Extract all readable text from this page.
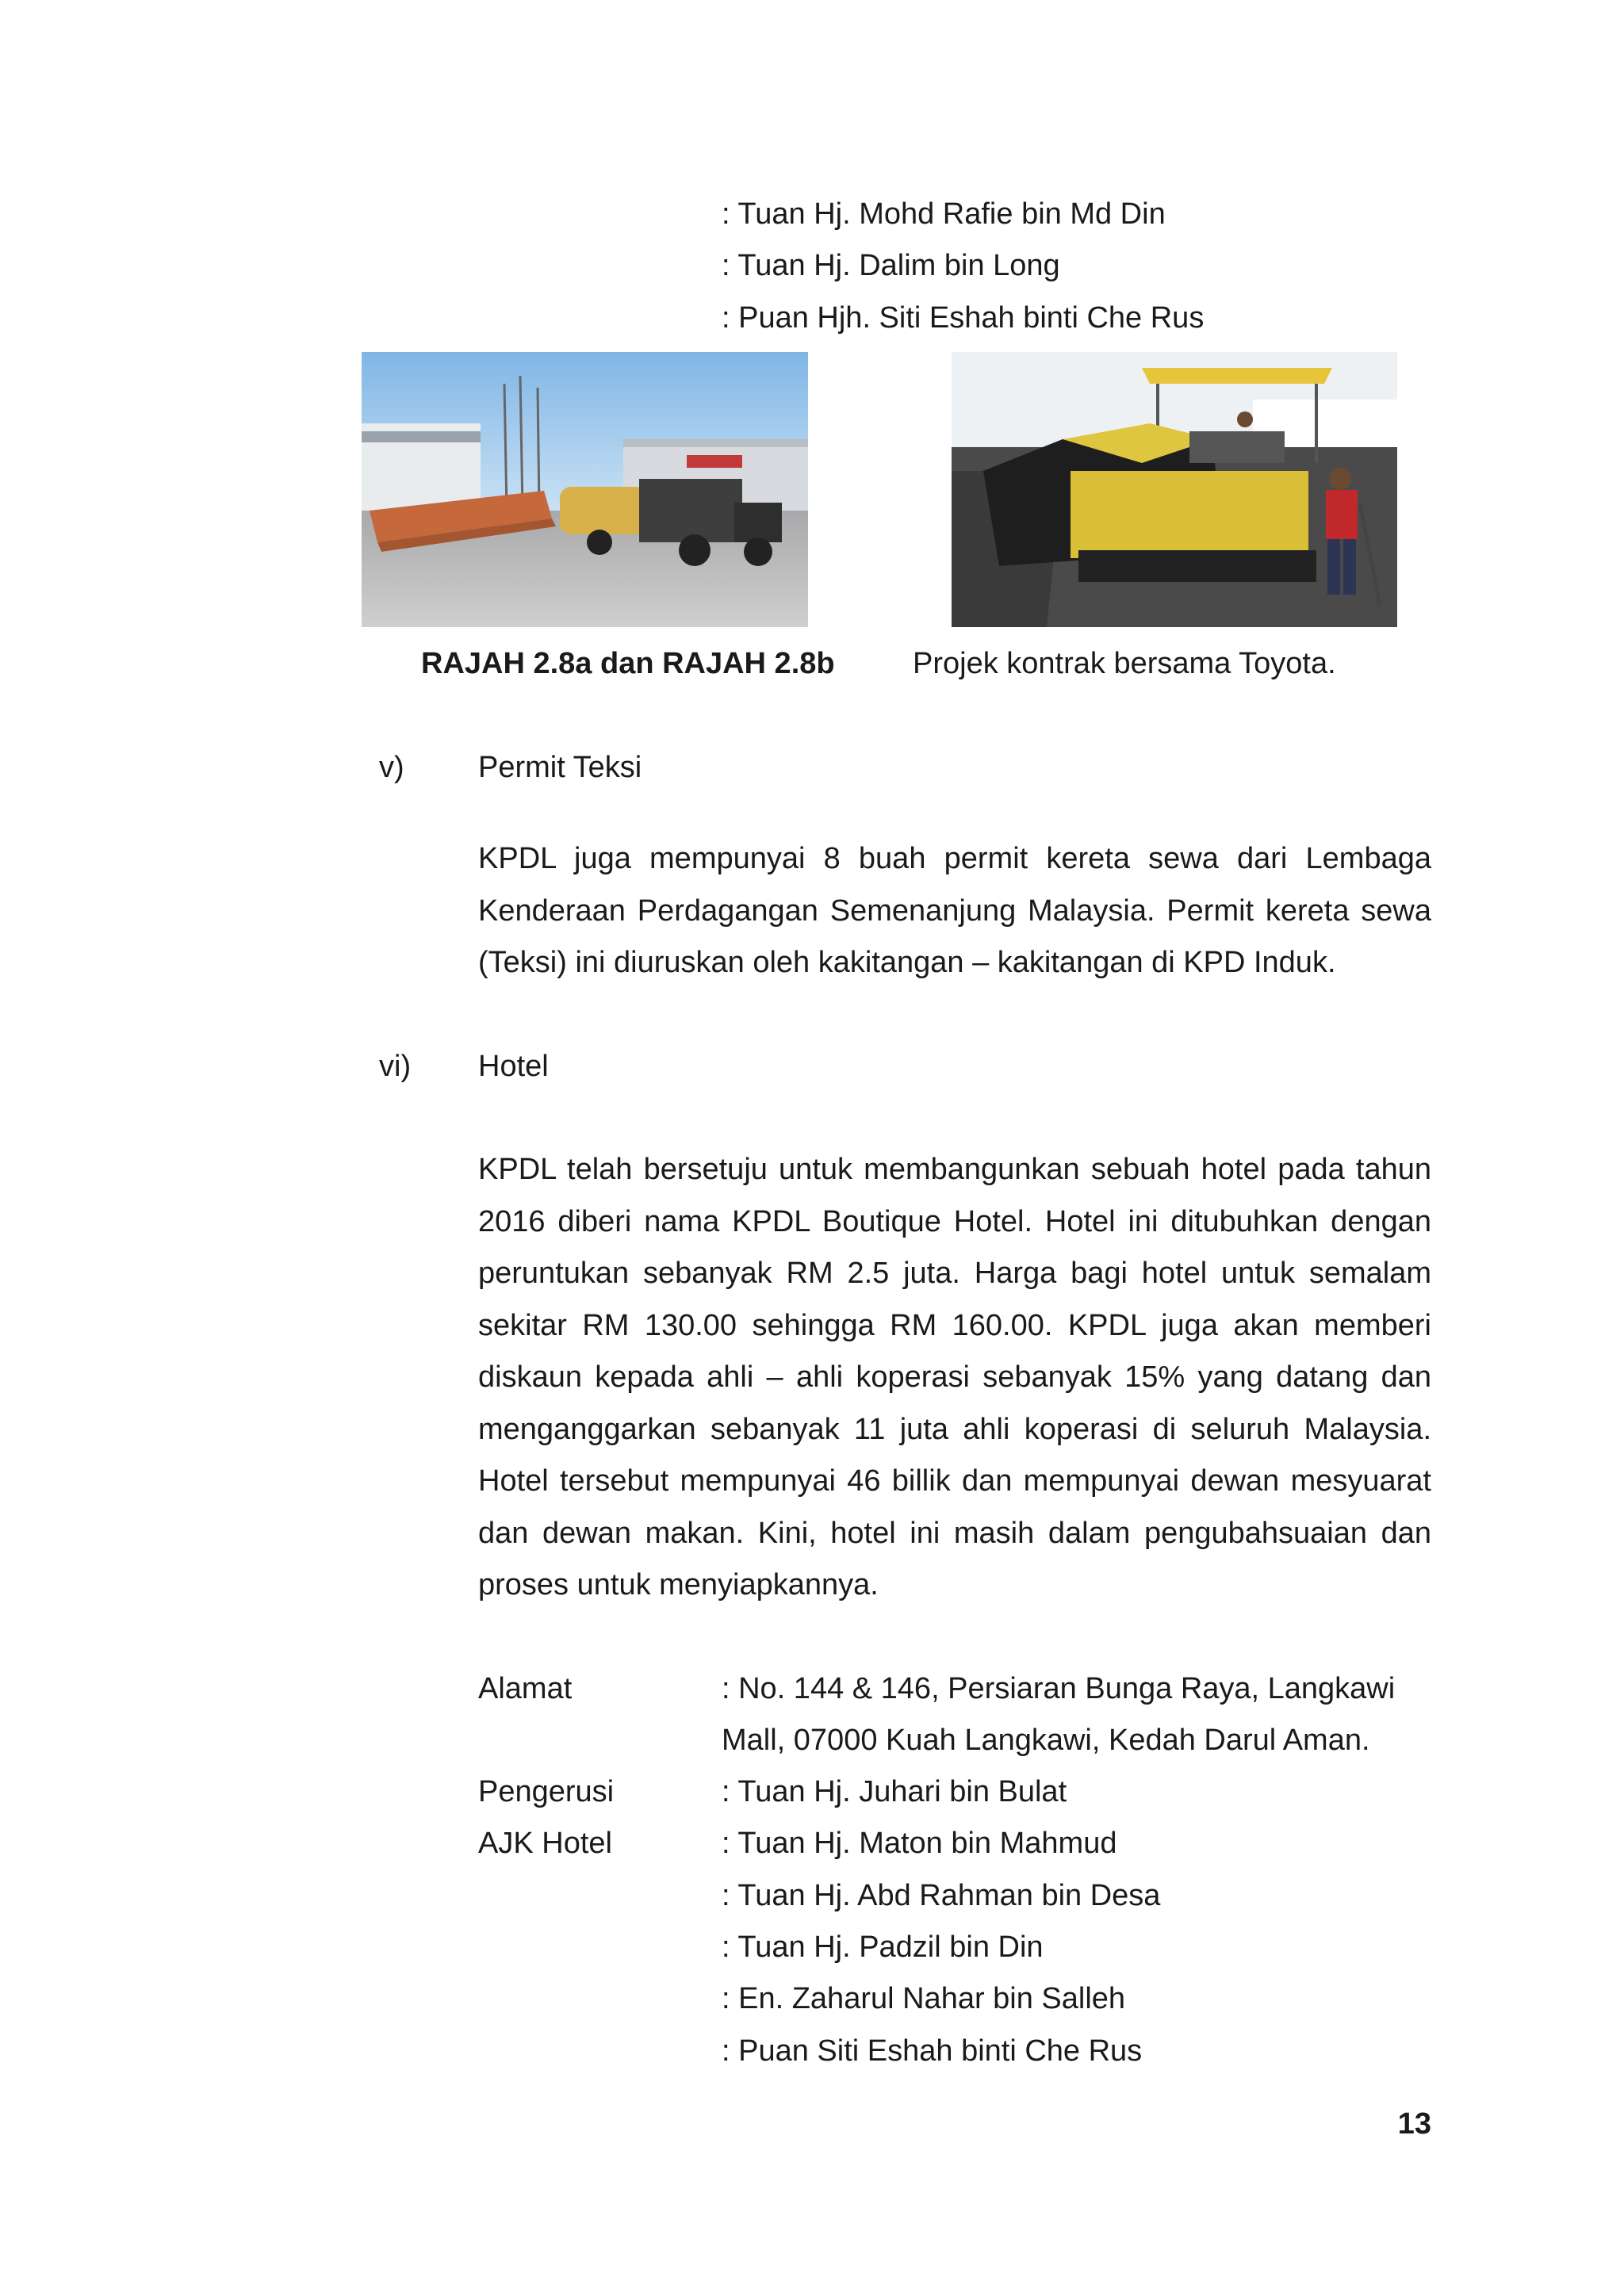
: Tuan Hj. Mohd Rafie bin Md Din
: Tuan Hj. Dalim bin Long
: Puan Hjh. Siti Eshah binti Che Rus
RAJAH 2.8a dan RAJAH 2.8b	Projek kontrak bersama Toyota.
v) Permit Teksi
KPDL juga mempunyai 8 buah permit kereta sewa dari Lembaga Kenderaan Perdagangan Semenanjung Malaysia. Permit kereta sewa (Teksi) ini diuruskan oleh kakitangan – kakitangan di KPD Induk.
vi) Hotel
KPDL telah bersetuju untuk membangunkan sebuah hotel pada tahun 2016 diberi nama KPDL Boutique Hotel. Hotel ini ditubuhkan dengan peruntukan sebanyak RM 2.5 juta. Harga bagi hotel untuk semalam sekitar RM 130.00 sehingga RM 160.00. KPDL juga akan memberi diskaun kepada ahli – ahli koperasi sebanyak 15% yang datang dan menganggarkan sebanyak 11 juta ahli koperasi di seluruh Malaysia. Hotel tersebut mempunyai 46 billik dan mempunyai dewan mesyuarat dan dewan makan. Kini, hotel ini masih dalam pengubahsuaian dan proses untuk menyiapkannya.
Alamat	: No. 144 & 146, Persiaran Bunga Raya, Langkawi
Mall, 07000 Kuah Langkawi, Kedah Darul Aman.
Pengerusi	: Tuan Hj. Juhari bin Bulat
AJK Hotel	: Tuan Hj. Maton bin Mahmud
: Tuan Hj. Abd Rahman bin Desa
: Tuan Hj. Padzil bin Din
: En. Zaharul Nahar bin Salleh
: Puan Siti Eshah binti Che Rus
13
